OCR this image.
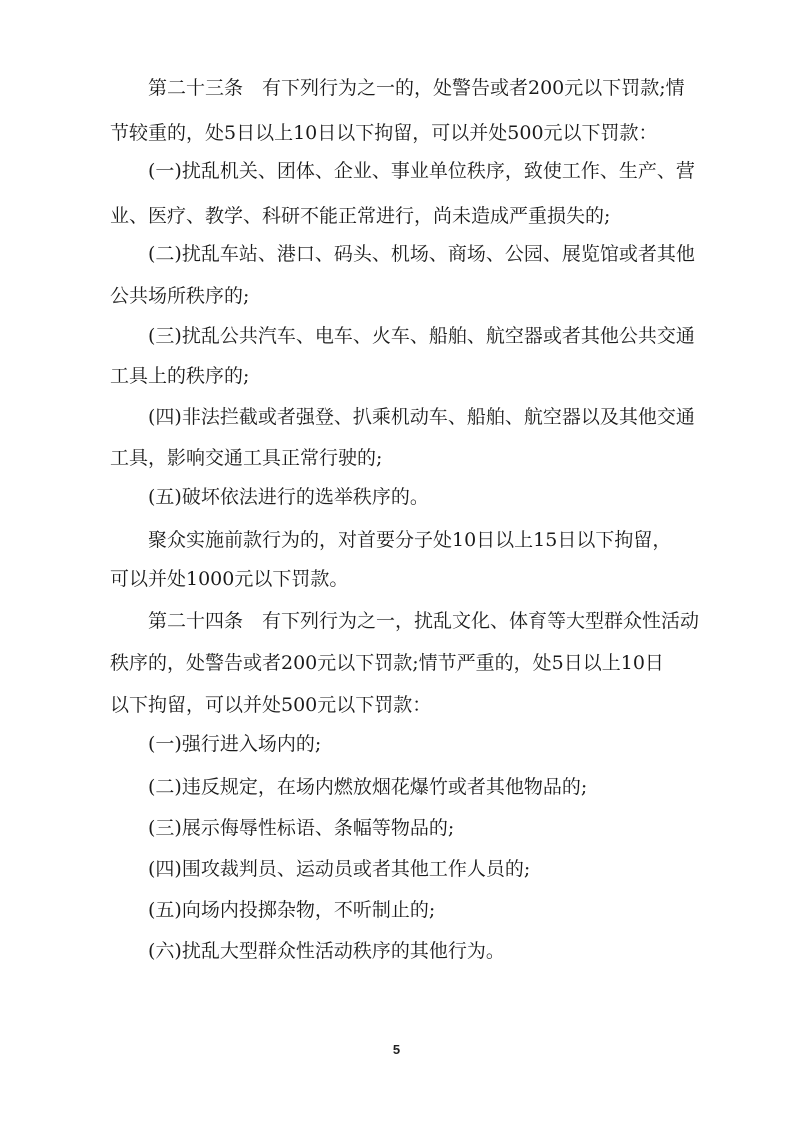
第二十三条　有下列行为之一的，处警告或者200元以下罚款;情

节较重的，处5日以上10日以下拘留，可以并处500元以下罚款：

(一)扰乱机关、团体、企业、事业单位秩序，致使工作、生产、营

业、医疗、教学、科研不能正常进行，尚未造成严重损失的;

(二)扰乱车站、港口、码头、机场、商场、公园、展览馆或者其他

公共场所秩序的;

(三)扰乱公共汽车、电车、火车、船舶、航空器或者其他公共交通

工具上的秩序的;

(四)非法拦截或者强登、扒乘机动车、船舶、航空器以及其他交通

工具，影响交通工具正常行驶的;

(五)破坏依法进行的选举秩序的。

聚众实施前款行为的，对首要分子处10日以上15日以下拘留，

可以并处1000元以下罚款。

第二十四条　有下列行为之一，扰乱文化、体育等大型群众性活动

秩序的，处警告或者200元以下罚款;情节严重的，处5日以上10日

以下拘留，可以并处500元以下罚款：

(一)强行进入场内的;

(二)违反规定，在场内燃放烟花爆竹或者其他物品的;

(三)展示侮辱性标语、条幅等物品的;

(四)围攻裁判员、运动员或者其他工作人员的;

(五)向场内投掷杂物，不听制止的;

(六)扰乱大型群众性活动秩序的其他行为。

5
